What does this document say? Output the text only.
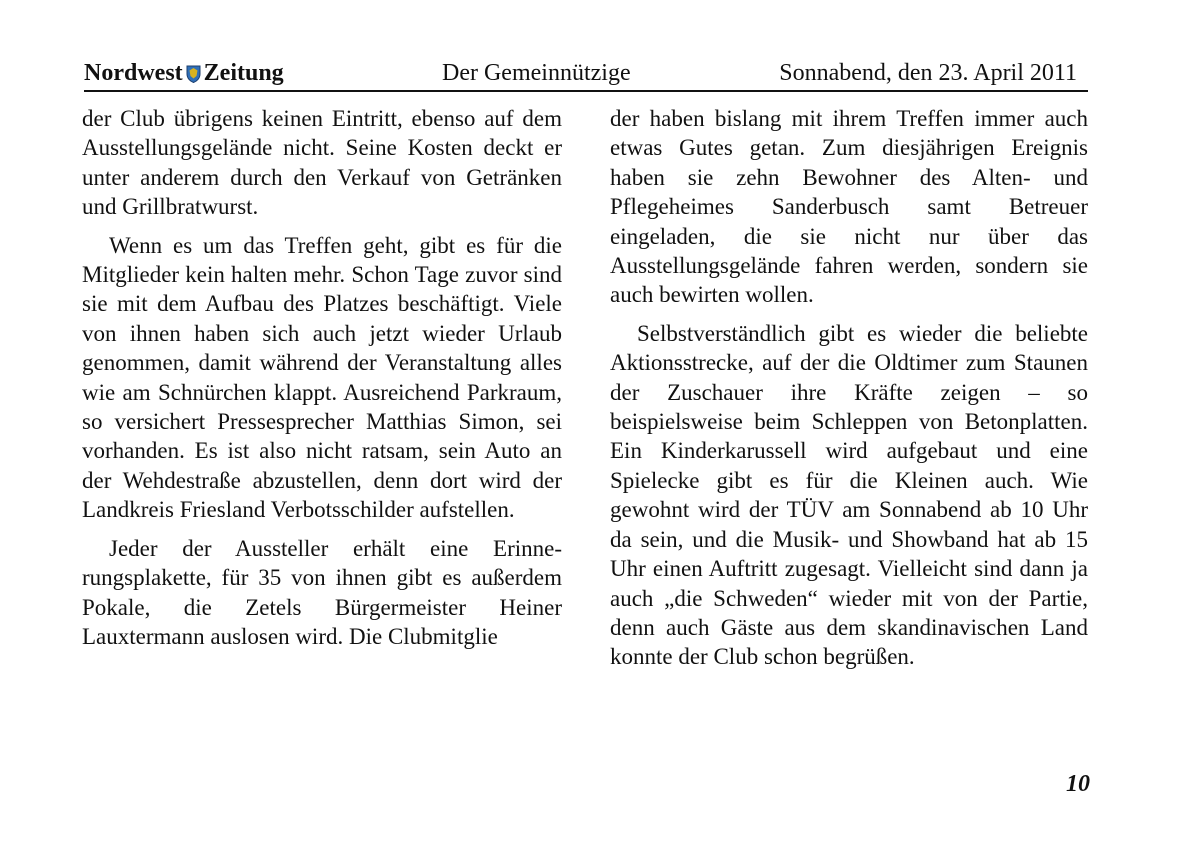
Nordwest Zeitung	Der Gemeinnützige	Sonnabend, den 23. April 2011

der Club übrigens keinen Eintritt, ebenso auf dem Ausstellungsgelände nicht. Seine Kosten deckt er unter anderem durch den Verkauf von Getränken und Grillbratwurst.

Wenn es um das Treffen geht, gibt es für die Mitglieder kein halten mehr. Schon Tage zuvor sind sie mit dem Aufbau des Platzes beschäftigt. Viele von ihnen haben sich auch jetzt wieder Urlaub genommen, damit während der Veranstaltung alles wie am Schnürchen klappt. Ausreichend Parkraum, so versichert Pressesprecher Matthias Simon, sei vorhanden. Es ist also nicht ratsam, sein Auto an der Wehdestraße abzustellen, denn dort wird der Landkreis Friesland Verbotsschilder aufstellen.

Jeder der Aussteller erhält eine Erinnerungsplakette, für 35 von ihnen gibt es außerdem Pokale, die Zetels Bürgermeister Heiner Lauxtermann auslosen wird. Die Clubmitglie

der haben bislang mit ihrem Treffen immer auch etwas Gutes getan. Zum diesjährigen Ereignis haben sie zehn Bewohner des Alten- und Pflegeheimes Sanderbusch samt Betreuer eingeladen, die sie nicht nur über das Ausstellungsgelände fahren werden, sondern sie auch bewirten wollen.

Selbstverständlich gibt es wieder die beliebte Aktionsstrecke, auf der die Oldtimer zum Staunen der Zuschauer ihre Kräfte zeigen – so beispielsweise beim Schleppen von Betonplatten. Ein Kinderkarussell wird aufgebaut und eine Spielecke gibt es für die Kleinen auch. Wie gewohnt wird der TÜV am Sonnabend ab 10 Uhr da sein, und die Musik- und Showband hat ab 15 Uhr einen Auftritt zugesagt. Vielleicht sind dann ja auch „die Schweden“ wieder mit von der Partie, denn auch Gäste aus dem skandinavischen Land konnte der Club schon begrüßen.

10
